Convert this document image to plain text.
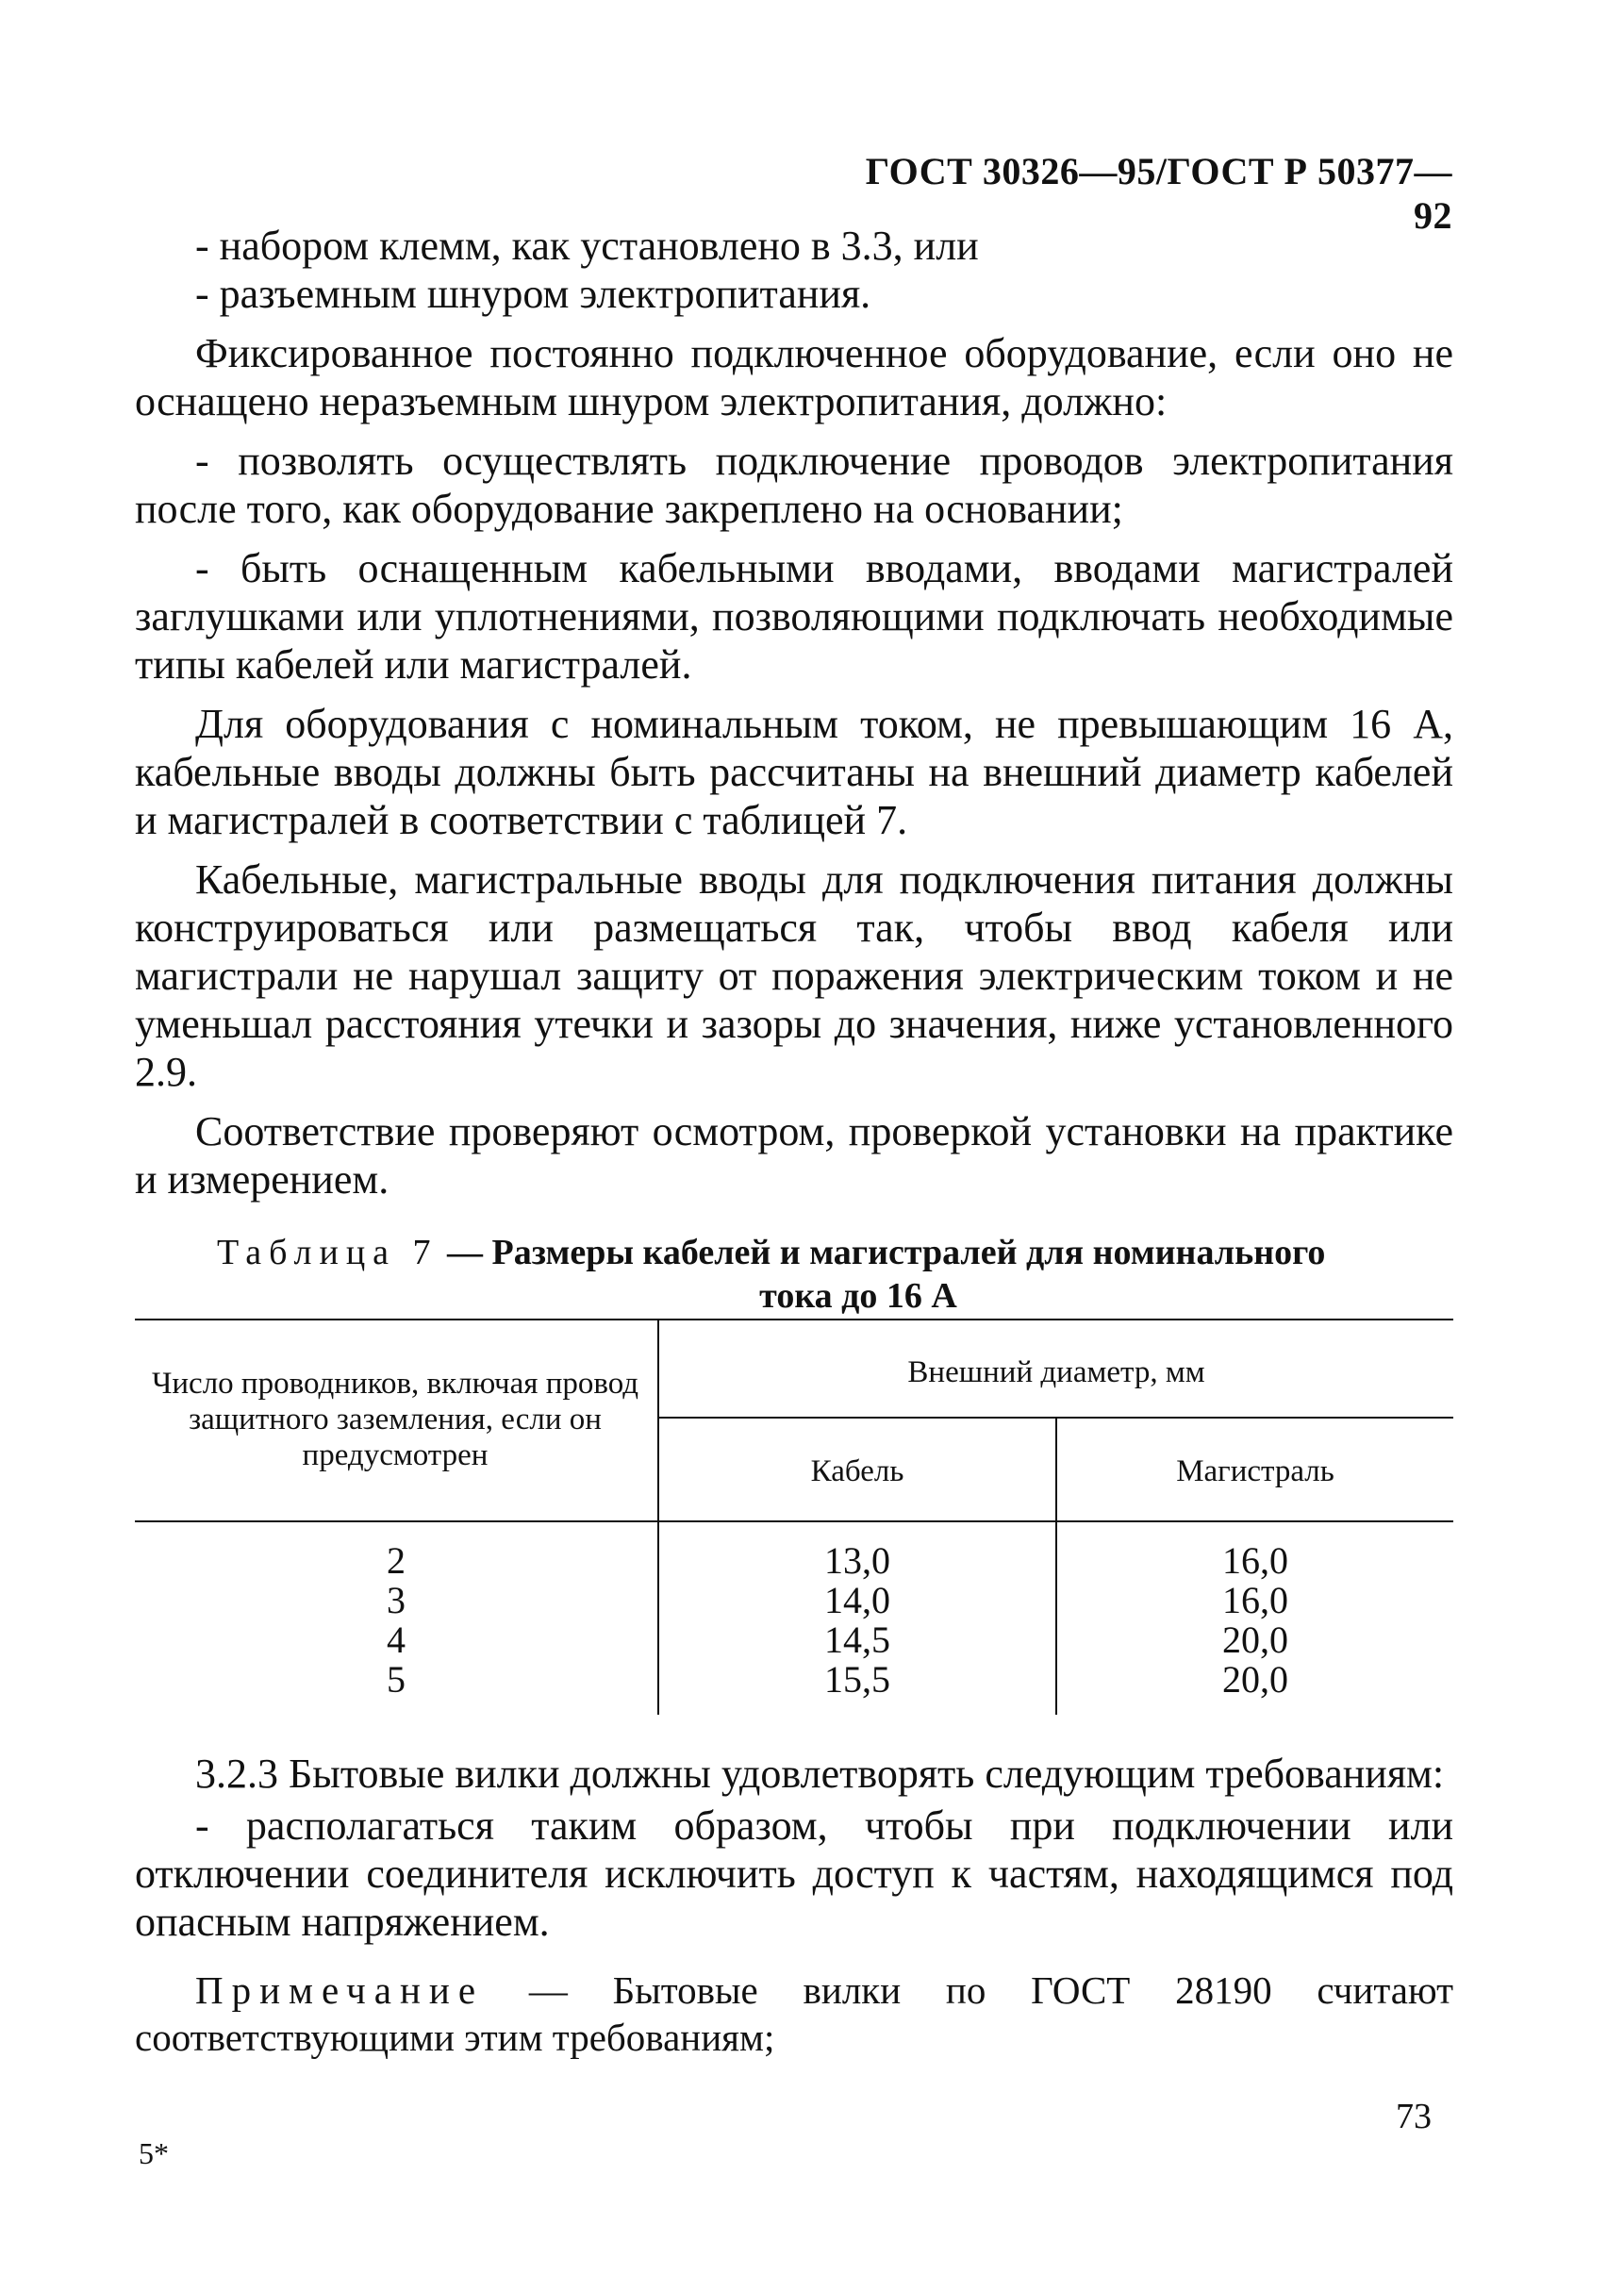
ГОСТ 30326—95/ГОСТ Р 50377—92

- набором клемм, как установлено в 3.3, или

- разъемным шнуром электропитания.

Фиксированное постоянно подключенное оборудование, если оно не оснащено неразъемным шнуром электропитания, должно:

- позволять осуществлять подключение проводов электропитания после того, как оборудование закреплено на основании;

- быть оснащенным кабельными вводами, вводами магистралей заглушками или уплотнениями, позволяющими подключать необходимые типы кабелей или магистралей.

Для оборудования с номинальным током, не превышающим 16 А, кабельные вводы должны быть рассчитаны на внешний диаметр кабелей и магистралей в соответствии с таблицей 7.

Кабельные, магистральные вводы для подключения питания должны конструироваться или размещаться так, чтобы ввод кабеля или магистрали не нарушал защиту от поражения электрическим током и не уменьшал расстояния утечки и зазоры до значения, ниже установленного 2.9.

Соответствие проверяют осмотром, проверкой установки на практике и измерением.

Таблица 7 — Размеры кабелей и магистралей для номинального
тока до 16 А
Число проводников, включая провод защитного заземления, если он предусмотрен
Внешний диаметр, мм
Кабель	Магистраль
2	13,0	16,0
3	14,0	16,0
4	14,5	20,0
5	15,5	20,0

3.2.3 Бытовые вилки должны удовлетворять следующим требованиям:

- располагаться таким образом, чтобы при подключении или отключении соединителя исключить доступ к частям, находящимся под опасным напряжением.

Примечание — Бытовые вилки по ГОСТ 28190 считают соответствующими этим требованиям;

73
5*
